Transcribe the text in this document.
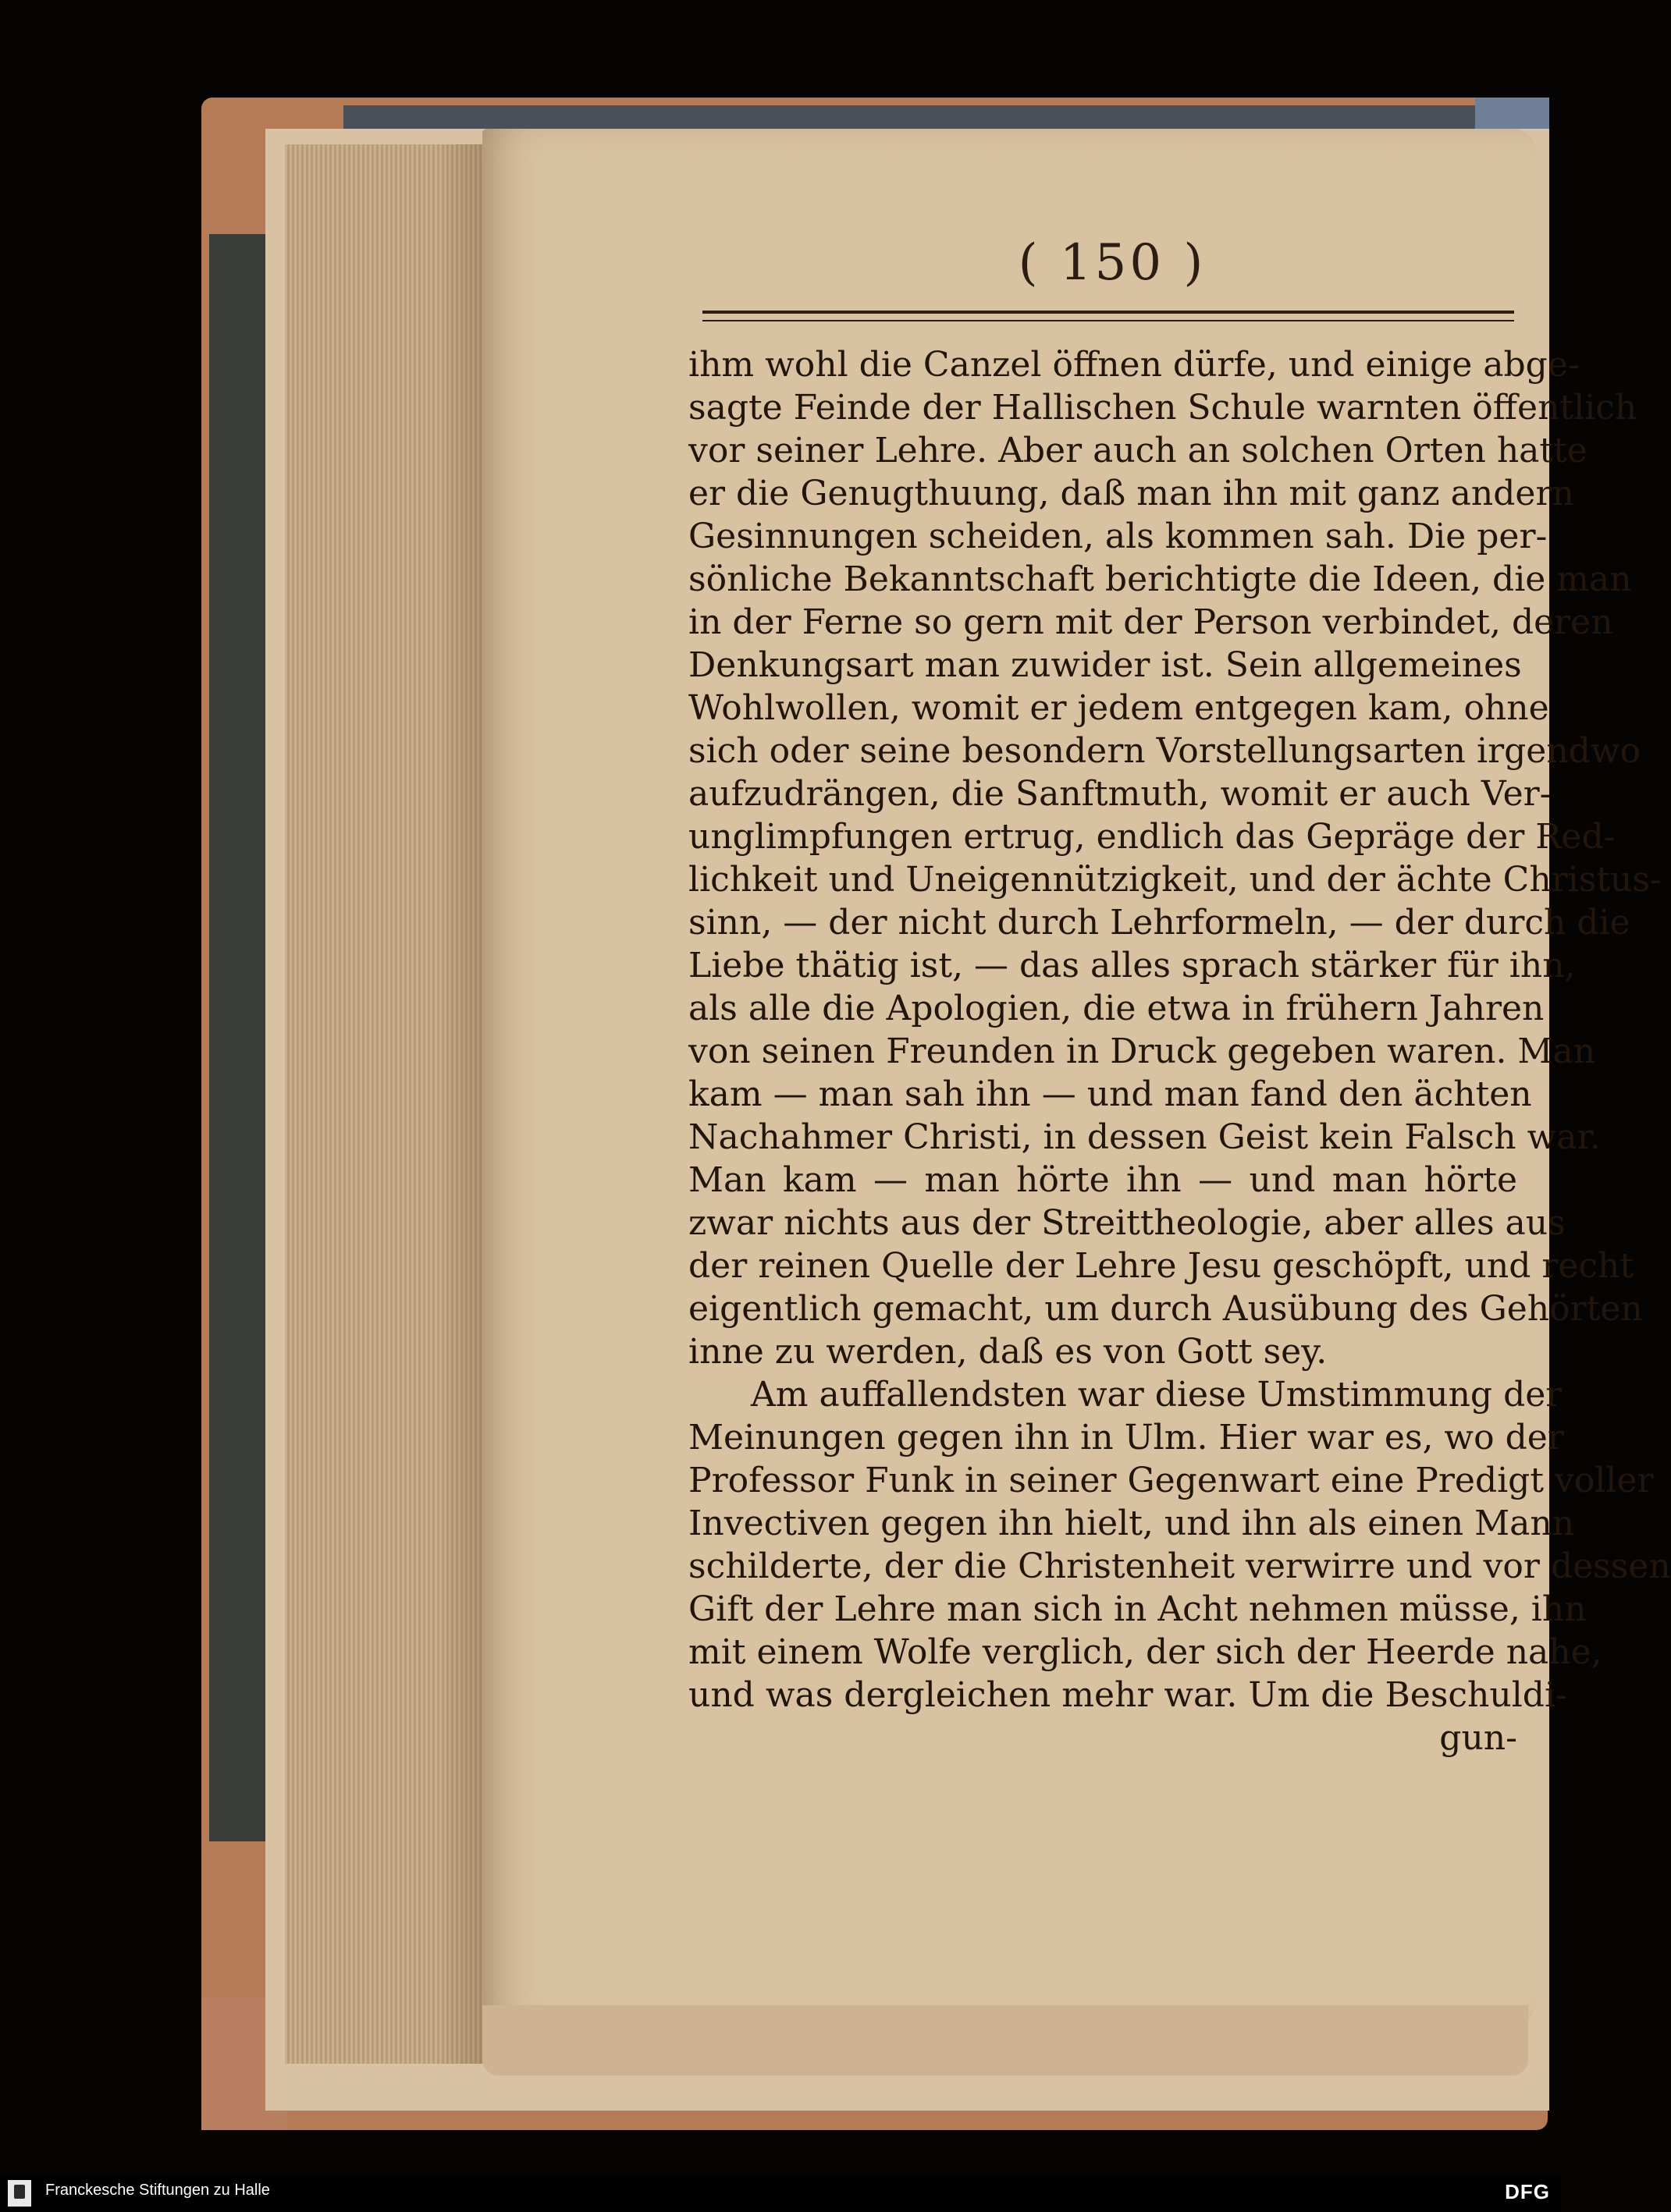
( 150 )
ihm wohl die Canzel öffnen dürfe, und einige abge-
sagte Feinde der Hallischen Schule warnten öffentlich
vor seiner Lehre. Aber auch an solchen Orten hatte
er die Genugthuung, daß man ihn mit ganz andern
Gesinnungen scheiden, als kommen sah. Die per-
sönliche Bekanntschaft berichtigte die Ideen, die man
in der Ferne so gern mit der Person verbindet, deren
Denkungsart man zuwider ist. Sein allgemeines
Wohlwollen, womit er jedem entgegen kam, ohne
sich oder seine besondern Vorstellungsarten irgendwo
aufzudrängen, die Sanftmuth, womit er auch Ver-
unglimpfungen ertrug, endlich das Gepräge der Red-
lichkeit und Uneigennützigkeit, und der ächte Christus-
sinn, — der nicht durch Lehrformeln, — der durch die
Liebe thätig ist, — das alles sprach stärker für ihn,
als alle die Apologien, die etwa in frühern Jahren
von seinen Freunden in Druck gegeben waren. Man
kam — man sah ihn — und man fand den ächten
Nachahmer Christi, in dessen Geist kein Falsch war.
Man kam — man hörte ihn — und man hörte
zwar nichts aus der Streittheologie, aber alles aus
der reinen Quelle der Lehre Jesu geschöpft, und recht
eigentlich gemacht, um durch Ausübung des Gehörten
inne zu werden, daß es von Gott sey.
Am auffallendsten war diese Umstimmung der
Meinungen gegen ihn in Ulm. Hier war es, wo der
Professor Funk in seiner Gegenwart eine Predigt voller
Invectiven gegen ihn hielt, und ihn als einen Mann
schilderte, der die Christenheit verwirre und vor dessen
Gift der Lehre man sich in Acht nehmen müsse, ihn
mit einem Wolfe verglich, der sich der Heerde nahe,
und was dergleichen mehr war. Um die Beschuldi-
gun-
Franckesche Stiftungen zu Halle	DFG
